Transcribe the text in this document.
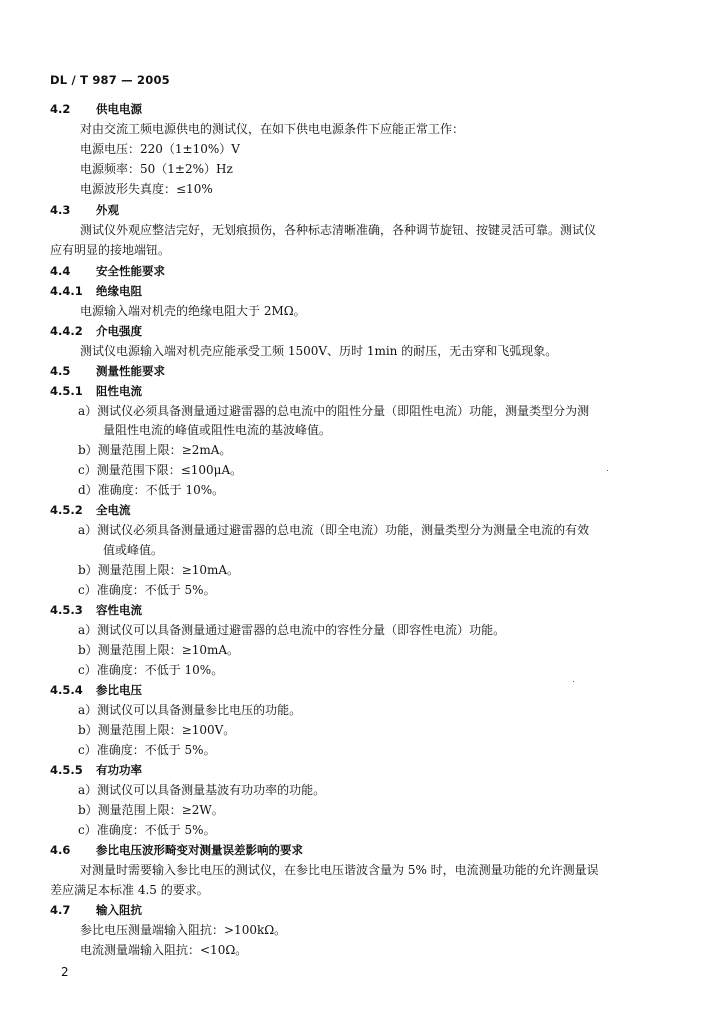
DL / T 987 — 2005
4.2 供电电源
对由交流工频电源供电的测试仪，在如下供电电源条件下应能正常工作：
电源电压：220（1±10%）V
电源频率：50（1±2%）Hz
电源波形失真度：≤10%
4.3 外观
测试仪外观应整洁完好，无划痕损伤，各种标志清晰准确，各种调节旋钮、按键灵活可靠。测试仪
应有明显的接地端钮。
4.4 安全性能要求
4.4.1 绝缘电阻
电源输入端对机壳的绝缘电阻大于 2MΩ。
4.4.2 介电强度
测试仪电源输入端对机壳应能承受工频 1500V、历时 1min 的耐压，无击穿和飞弧现象。
4.5 测量性能要求
4.5.1 阻性电流
a）测试仪必须具备测量通过避雷器的总电流中的阻性分量（即阻性电流）功能，测量类型分为测
量阻性电流的峰值或阻性电流的基波峰值。
b）测量范围上限：≥2mA。
c）测量范围下限：≤100μA。
d）准确度：不低于 10%。
4.5.2 全电流
a）测试仪必须具备测量通过避雷器的总电流（即全电流）功能，测量类型分为测量全电流的有效
值或峰值。
b）测量范围上限：≥10mA。
c）准确度：不低于 5%。
4.5.3 容性电流
a）测试仪可以具备测量通过避雷器的总电流中的容性分量（即容性电流）功能。
b）测量范围上限：≥10mA。
c）准确度：不低于 10%。
4.5.4 参比电压
a）测试仪可以具备测量参比电压的功能。
b）测量范围上限：≥100V。
c）准确度：不低于 5%。
4.5.5 有功功率
a）测试仪可以具备测量基波有功功率的功能。
b）测量范围上限：≥2W。
c）准确度：不低于 5%。
4.6 参比电压波形畸变对测量误差影响的要求
对测量时需要输入参比电压的测试仪，在参比电压谐波含量为 5% 时，电流测量功能的允许测量误
差应满足本标准 4.5 的要求。
4.7 输入阻抗
参比电压测量端输入阻抗：>100kΩ。
电流测量端输入阻抗：<10Ω。
2
